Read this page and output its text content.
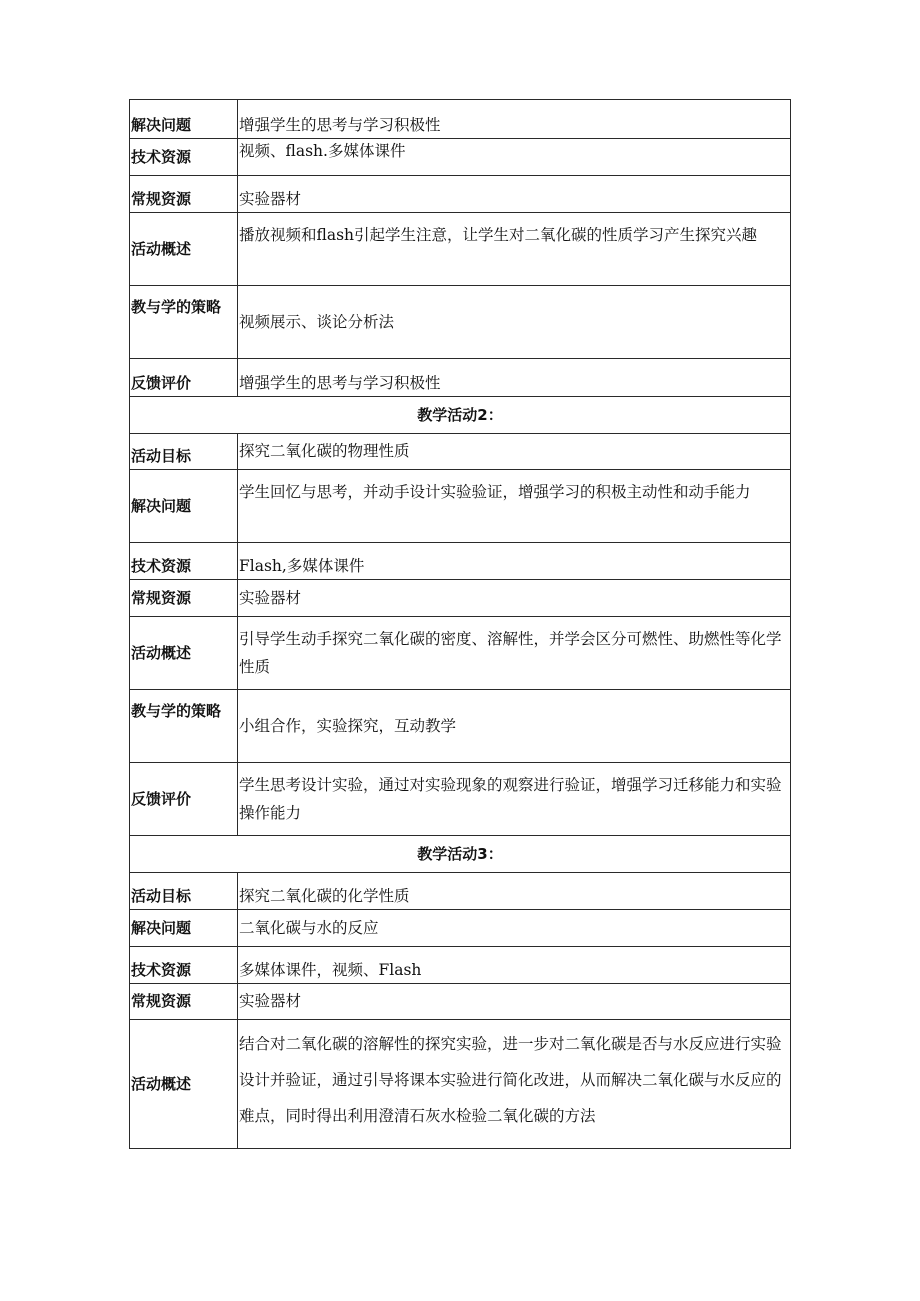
解决问题	增强学生的思考与学习积极性
技术资源	视频、flash.多媒体课件
常规资源	实验器材
活动概述	播放视频和flash引起学生注意，让学生对二氧化碳的性质学习产生探究兴趣
教与学的策略	视频展示、谈论分析法
反馈评价	增强学生的思考与学习积极性
教学活动2：	
活动目标	探究二氧化碳的物理性质
解决问题	学生回忆与思考，并动手设计实验验证，增强学习的积极主动性和动手能力
技术资源	Flash,多媒体课件
常规资源	实验器材
活动概述	引导学生动手探究二氧化碳的密度、溶解性，并学会区分可燃性、助燃性等化学性质
教与学的策略	小组合作，实验探究，互动教学
反馈评价	学生思考设计实验，通过对实验现象的观察进行验证，增强学习迁移能力和实验操作能力
教学活动3：	
活动目标	探究二氧化碳的化学性质
解决问题	二氧化碳与水的反应
技术资源	多媒体课件，视频、Flash
常规资源	实验器材
活动概述	结合对二氧化碳的溶解性的探究实验，进一步对二氧化碳是否与水反应进行实验设计并验证，通过引导将课本实验进行简化改进，从而解决二氧化碳与水反应的难点，同时得出利用澄清石灰水检验二氧化碳的方法
